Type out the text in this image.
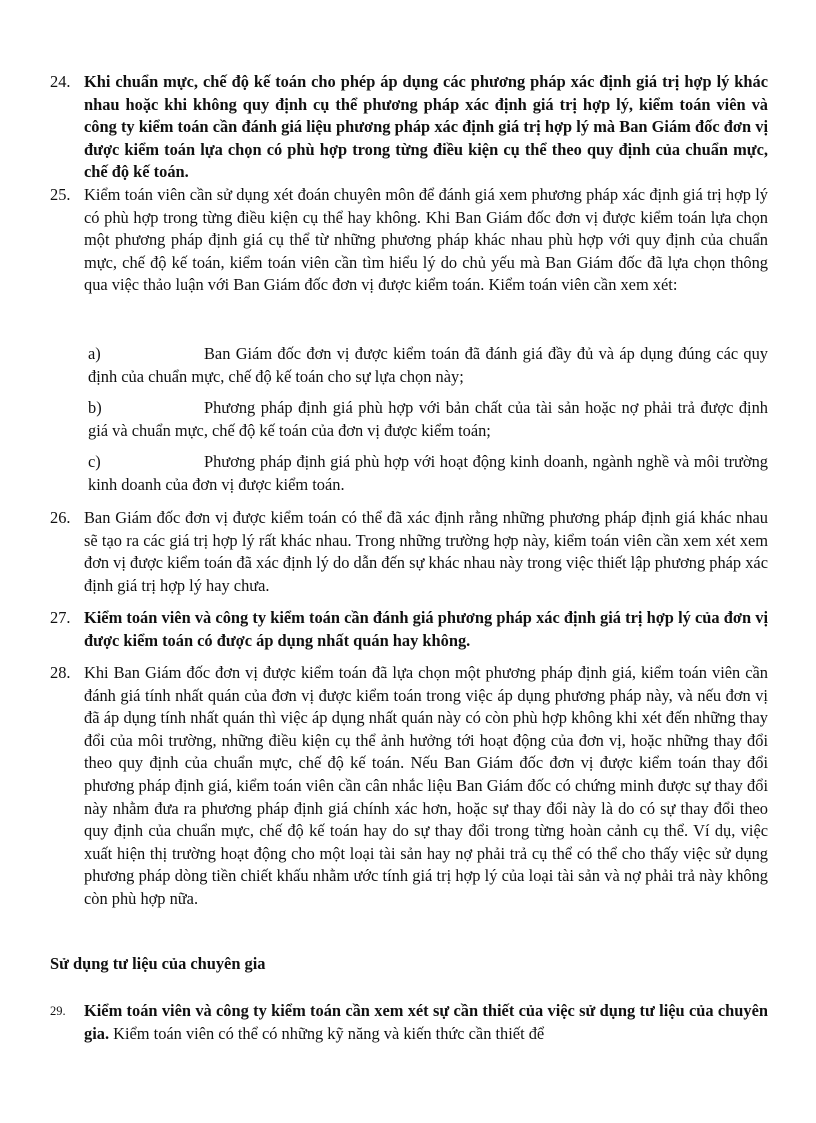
24. Khi chuẩn mực, chế độ kế toán cho phép áp dụng các phương pháp xác định giá trị hợp lý khác nhau hoặc khi không quy định cụ thể phương pháp xác định giá trị hợp lý, kiểm toán viên và công ty kiểm toán cần đánh giá liệu phương pháp xác định giá trị hợp lý mà Ban Giám đốc đơn vị được kiểm toán lựa chọn có phù hợp trong từng điều kiện cụ thể theo quy định của chuẩn mực, chế độ kế toán.
25. Kiểm toán viên cần sử dụng xét đoán chuyên môn để đánh giá xem phương pháp xác định giá trị hợp lý có phù hợp trong từng điều kiện cụ thể hay không. Khi Ban Giám đốc đơn vị được kiểm toán lựa chọn một phương pháp định giá cụ thể từ những phương pháp khác nhau phù hợp với quy định của chuẩn mực, chế độ kế toán, kiểm toán viên cần tìm hiểu lý do chủ yếu mà Ban Giám đốc đã lựa chọn thông qua việc thảo luận với Ban Giám đốc đơn vị được kiểm toán. Kiểm toán viên cần xem xét:
a)	Ban Giám đốc đơn vị được kiểm toán đã đánh giá đầy đủ và áp dụng đúng các quy định của chuẩn mực, chế độ kế toán cho sự lựa chọn này;
b)	Phương pháp định giá phù hợp với bản chất của tài sản hoặc nợ phải trả được định giá và chuẩn mực, chế độ kế toán của đơn vị được kiểm toán;
c)	Phương pháp định giá phù hợp với hoạt động kinh doanh, ngành nghề và môi trường kinh doanh của đơn vị được kiểm toán.
26. Ban Giám đốc đơn vị được kiểm toán có thể đã xác định rằng những phương pháp định giá khác nhau sẽ tạo ra các giá trị hợp lý rất khác nhau. Trong những trường hợp này, kiểm toán viên cần xem xét xem đơn vị được kiểm toán đã xác định lý do dẫn đến sự khác nhau này trong việc thiết lập phương pháp xác định giá trị hợp lý hay chưa.
27. Kiểm toán viên và công ty kiểm toán cần đánh giá phương pháp xác định giá trị hợp lý của đơn vị được kiểm toán có được áp dụng nhất quán hay không.
28. Khi Ban Giám đốc đơn vị được kiểm toán đã lựa chọn một phương pháp định giá, kiểm toán viên cần đánh giá tính nhất quán của đơn vị được kiểm toán trong việc áp dụng phương pháp này, và nếu đơn vị đã áp dụng tính nhất quán thì việc áp dụng nhất quán này có còn phù hợp không khi xét đến những thay đổi của môi trường, những điều kiện cụ thể ảnh hưởng tới hoạt động của đơn vị, hoặc những thay đổi theo quy định của chuẩn mực, chế độ kế toán. Nếu Ban Giám đốc đơn vị được kiểm toán thay đổi phương pháp định giá, kiểm toán viên cần cân nhắc liệu Ban Giám đốc có chứng minh được sự thay đổi này nhằm đưa ra phương pháp định giá chính xác hơn, hoặc sự thay đổi này là do có sự thay đổi theo quy định của chuẩn mực, chế độ kế toán hay do sự thay đổi trong từng hoàn cảnh cụ thể. Ví dụ, việc xuất hiện thị trường hoạt động cho một loại tài sản hay nợ phải trả cụ thể có thể cho thấy việc sử dụng phương pháp dòng tiền chiết khấu nhằm ước tính giá trị hợp lý của loại tài sản và nợ phải trả này không còn phù hợp nữa.
Sử dụng tư liệu của chuyên gia
29.	Kiểm toán viên và công ty kiểm toán cần xem xét sự cần thiết của việc sử dụng tư liệu của chuyên gia. Kiểm toán viên có thể có những kỹ năng và kiến thức cần thiết để
